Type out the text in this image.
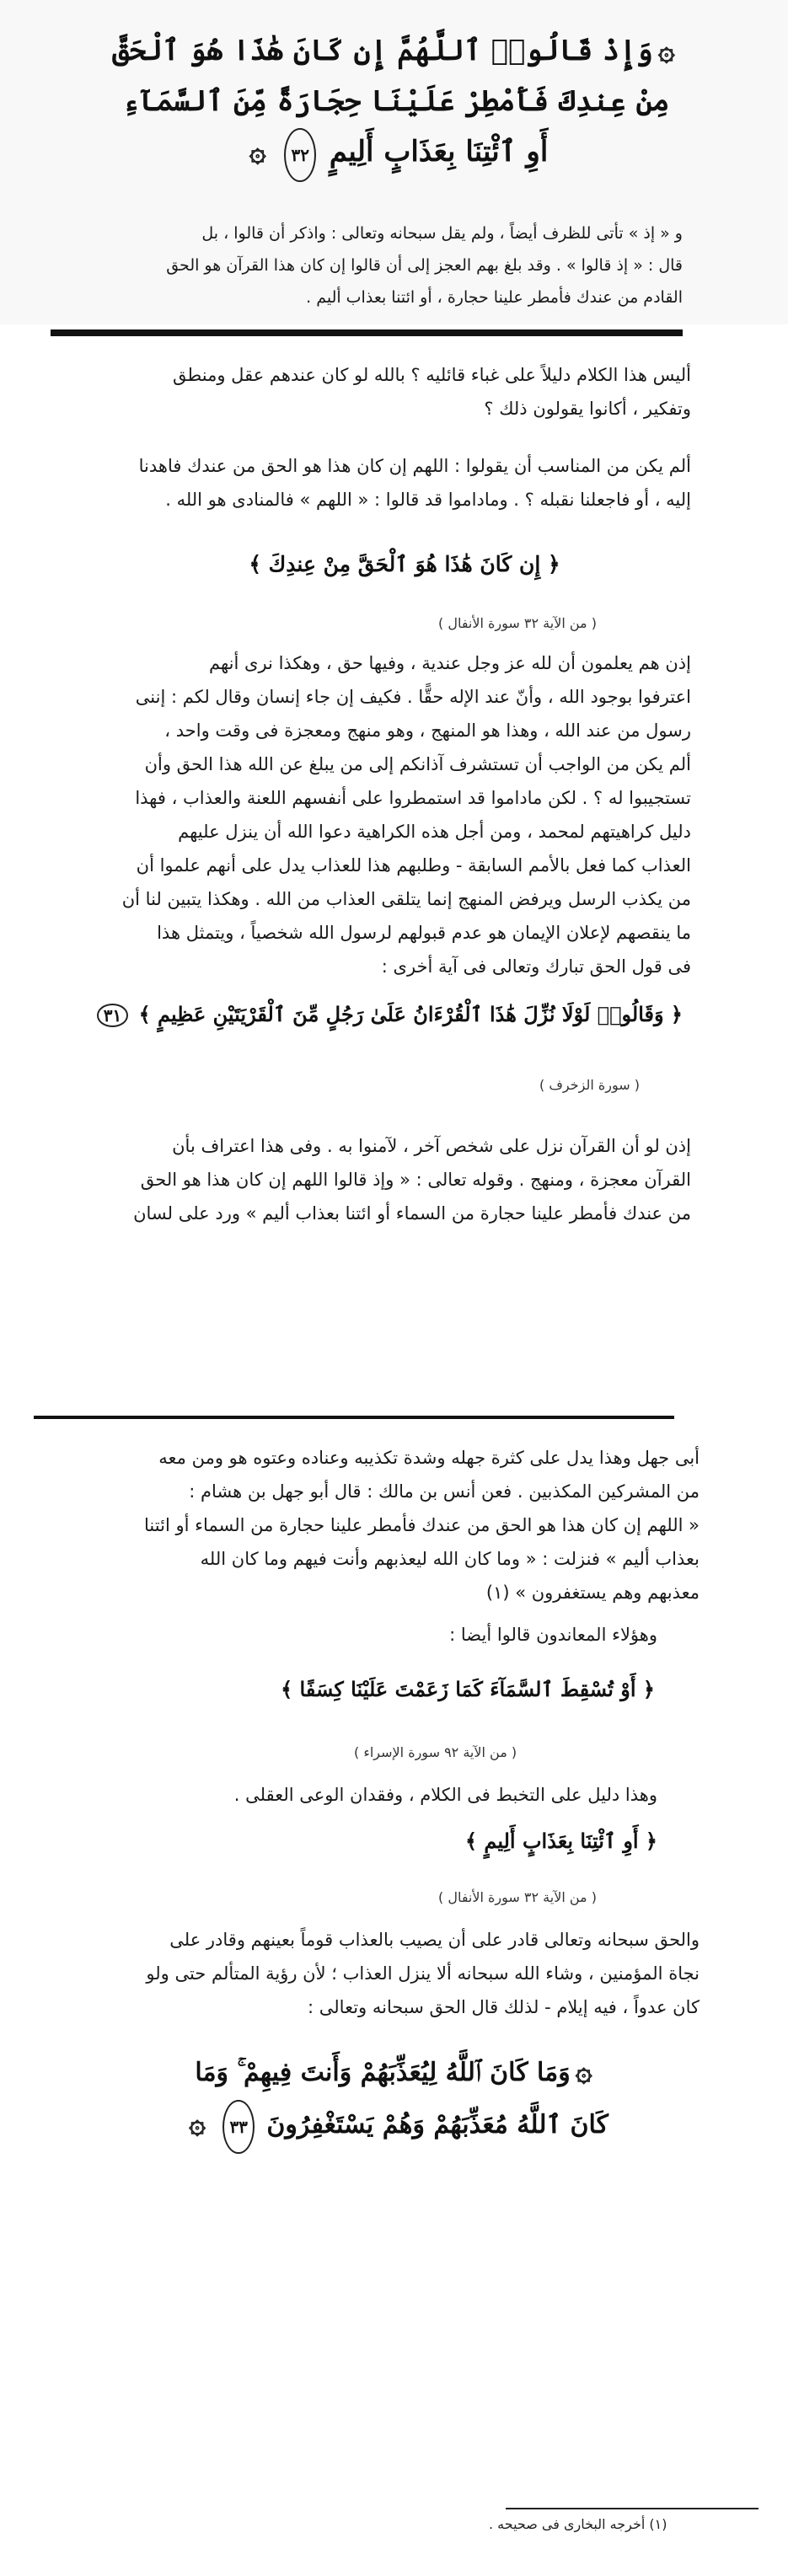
۞وَإِذْ قَالُوا۟ ٱللَّهُمَّ إِن كَانَ هَٰذَا هُوَ ٱلْحَقَّ
مِنْ عِندِكَ فَأَمْطِرْ عَلَيْنَا حِجَارَةً مِّنَ ٱلسَّمَآءِ
أَوِ ٱئْتِنَا بِعَذَابٍ أَلِيمٍ ٣٢ ۞
و « إذ » تأتى للظرف أيضاً ، ولم يقل سبحانه وتعالى : واذكر أن قالوا ، بل
قال : « إذ قالوا » . وقد بلغ بهم العجز إلى أن قالوا إن كان هذا القرآن هو الحق
القادم من عندك فأمطر علينا حجارة ، أو ائتنا بعذاب أليم .
أليس هذا الكلام دليلاً على غباء قائليه ؟ بالله لو كان عندهم عقل ومنطق
وتفكير ، أكانوا يقولون ذلك ؟
ألم يكن من المناسب أن يقولوا : اللهم إن كان هذا هو الحق من عندك فاهدنا
إليه ، أو فاجعلنا نقبله ؟ . وماداموا قد قالوا : « اللهم » فالمنادى هو الله .
﴿ إِن كَانَ هَٰذَا هُوَ ٱلْحَقَّ مِنْ عِندِكَ ﴾
( من الآية ٣٢ سورة الأنفال )
إذن هم يعلمون أن لله عز وجل عندية ، وفيها حق ، وهكذا نرى أنهم
اعترفوا بوجود الله ، وأنّ عند الإله حقًّا . فكيف إن جاء إنسان وقال لكم : إننى
رسول من عند الله ، وهذا هو المنهج ، وهو منهج ومعجزة فى وقت واحد ،
ألم يكن من الواجب أن تستشرف آذانكم إلى من يبلغ عن الله هذا الحق وأن
تستجيبوا له ؟ . لكن ماداموا قد استمطروا على أنفسهم اللعنة والعذاب ، فهذا
دليل كراهيتهم لمحمد ، ومن أجل هذه الكراهية دعوا الله أن ينزل عليهم
العذاب كما فعل بالأمم السابقة - وطلبهم هذا للعذاب يدل على أنهم علموا أن
من يكذب الرسل ويرفض المنهج إنما يتلقى العذاب من الله . وهكذا يتبين لنا أن
ما ينقصهم لإعلان الإيمان هو عدم قبولهم لرسول الله شخصياً ، ويتمثل هذا
فى قول الحق تبارك وتعالى فى آية أخرى :
﴿ وَقَالُوا۟ لَوْلَا نُزِّلَ هَٰذَا ٱلْقُرْءَانُ عَلَىٰ رَجُلٍ مِّنَ ٱلْقَرْيَتَيْنِ عَظِيمٍ ﴾ ٣١
( سورة الزخرف )
إذن لو أن القرآن نزل على شخص آخر ، لآمنوا به . وفى هذا اعتراف بأن
القرآن معجزة ، ومنهج . وقوله تعالى : « وإذ قالوا اللهم إن كان هذا هو الحق
من عندك فأمطر علينا حجارة من السماء أو ائتنا بعذاب أليم » ورد على لسان
أبى جهل وهذا يدل على كثرة جهله وشدة تكذيبه وعناده وعتوه هو ومن معه
من المشركين المكذبين . فعن أنس بن مالك : قال أبو جهل بن هشام :
« اللهم إن كان هذا هو الحق من عندك فأمطر علينا حجارة من السماء أو ائتنا
بعذاب أليم » فنزلت : « وما كان الله ليعذبهم وأنت فيهم وما كان الله
معذبهم وهم يستغفرون » (١)
وهؤلاء المعاندون قالوا أيضا :
﴿ أَوْ تُسْقِطَ ٱلسَّمَآءَ كَمَا زَعَمْتَ عَلَيْنَا كِسَفًا ﴾
( من الآية ٩٢ سورة الإسراء )
وهذا دليل على التخبط فى الكلام ، وفقدان الوعى العقلى .
﴿ أَوِ ٱئْتِنَا بِعَذَابٍ أَلِيمٍ ﴾
( من الآية ٣٢ سورة الأنفال )
والحق سبحانه وتعالى قادر على أن يصيب بالعذاب قوماً بعينهم وقادر على
نجاة المؤمنين ، وشاء الله سبحانه ألا ينزل العذاب ؛ لأن رؤية المتألم حتى ولو
كان عدواً ، فيه إيلام - لذلك قال الحق سبحانه وتعالى :
۞وَمَا كَانَ ٱللَّهُ لِيُعَذِّبَهُمْ وَأَنتَ فِيهِمْ ۚ وَمَا
كَانَ ٱللَّهُ مُعَذِّبَهُمْ وَهُمْ يَسْتَغْفِرُونَ ٣٣ ۞
(١) أخرجه البخارى فى صحيحه .
